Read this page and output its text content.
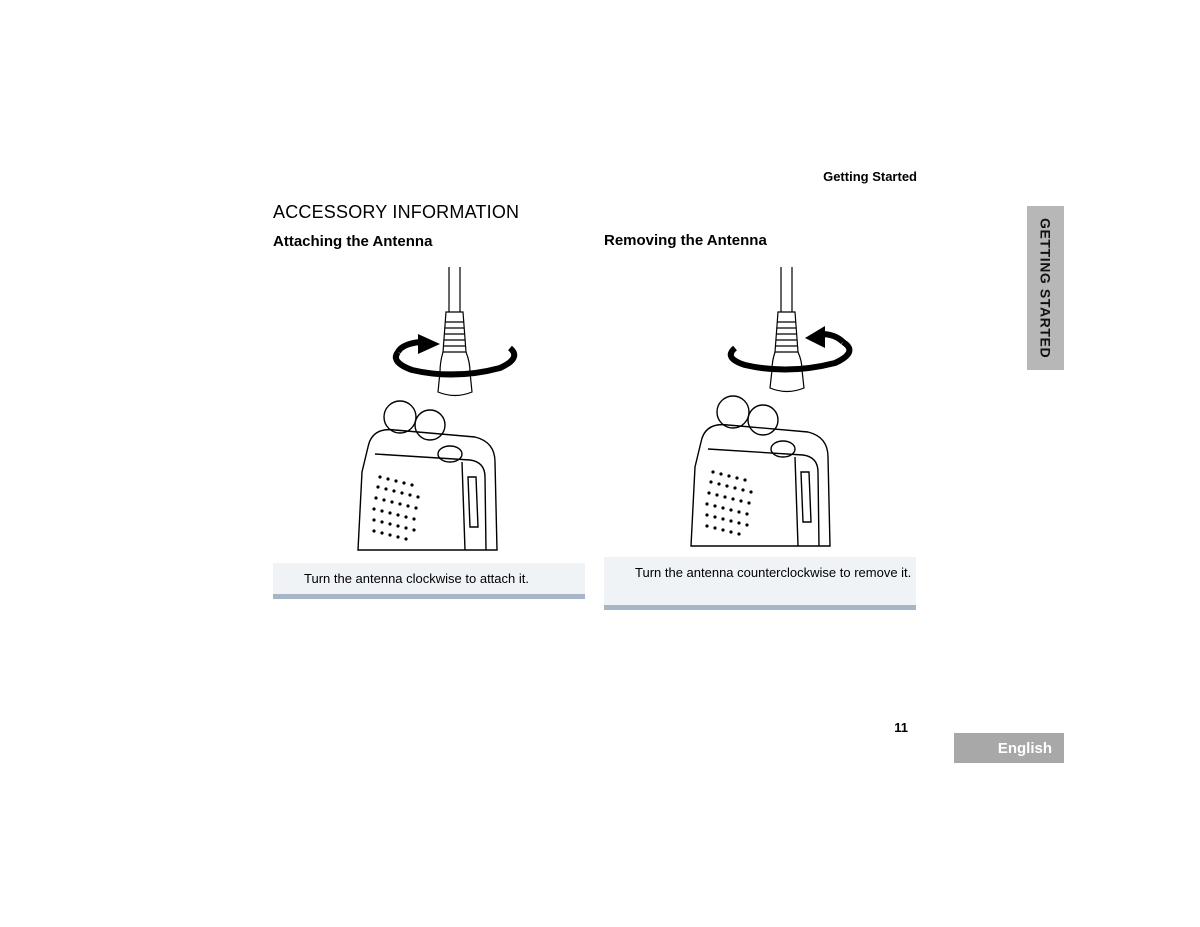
Getting Started
ACCESSORY INFORMATION
Attaching the Antenna	Removing the Antenna	GETTING STARTED
Turn the antenna clockwise to attach it.	Turn the antenna counterclockwise to remove it.
11
English
